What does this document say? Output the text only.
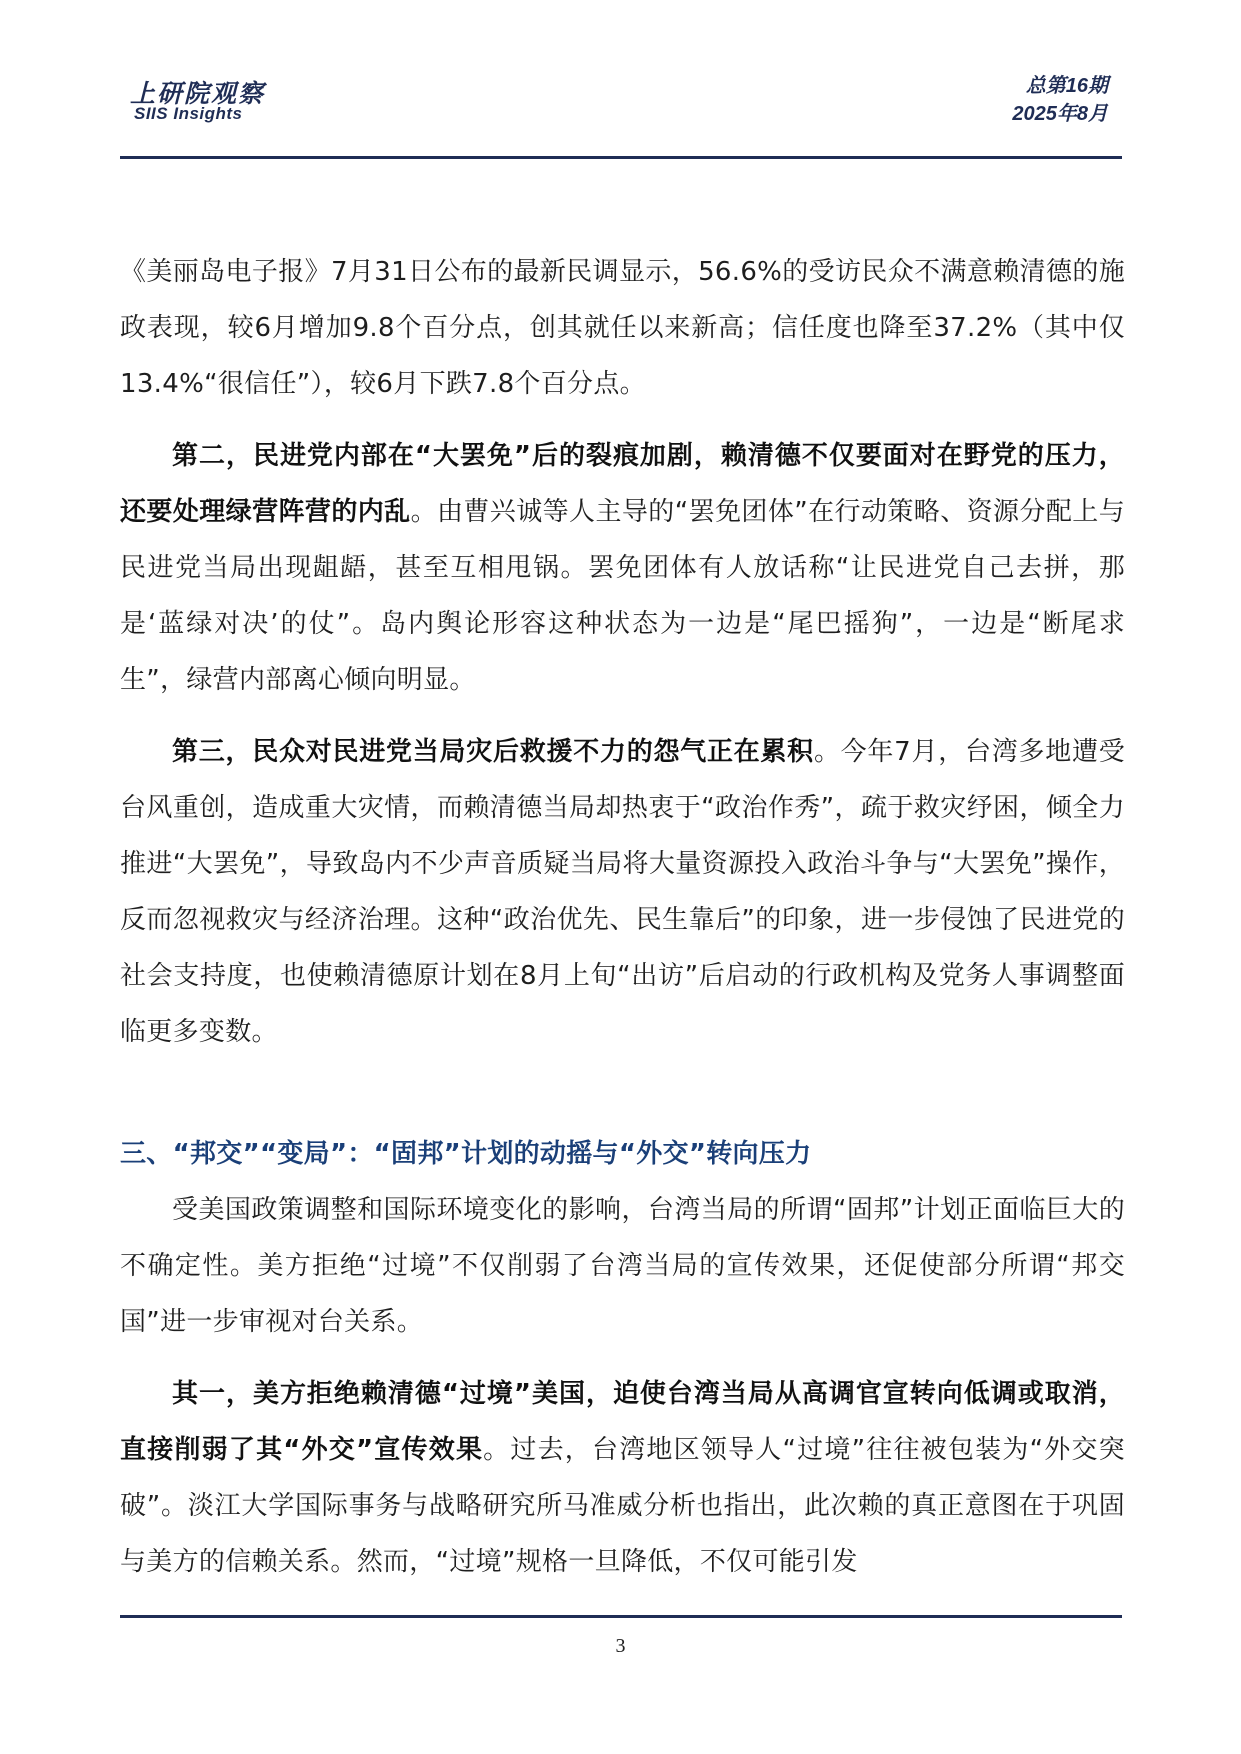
上研院观察
SIIS Insights
总第16期
2025年8月

《美丽岛电子报》7月31日公布的最新民调显示，56.6%的受访民众不满意赖清德的施政表现，较6月增加9.8个百分点，创其就任以来新高；信任度也降至37.2%（其中仅13.4%“很信任”），较6月下跌7.8个百分点。

第二，民进党内部在“大罢免”后的裂痕加剧，赖清德不仅要面对在野党的压力，还要处理绿营阵营的内乱。由曹兴诚等人主导的“罢免团体”在行动策略、资源分配上与民进党当局出现龃龉，甚至互相甩锅。罢免团体有人放话称“让民进党自己去拼，那是‘蓝绿对决’的仗”。岛内舆论形容这种状态为一边是“尾巴摇狗”，一边是“断尾求生”，绿营内部离心倾向明显。

第三，民众对民进党当局灾后救援不力的怨气正在累积。今年7月，台湾多地遭受台风重创，造成重大灾情，而赖清德当局却热衷于“政治作秀”，疏于救灾纾困，倾全力推进“大罢免”，导致岛内不少声音质疑当局将大量资源投入政治斗争与“大罢免”操作，反而忽视救灾与经济治理。这种“政治优先、民生靠后”的印象，进一步侵蚀了民进党的社会支持度，也使赖清德原计划在8月上旬“出访”后启动的行政机构及党务人事调整面临更多变数。

三、“邦交”“变局”：“固邦”计划的动摇与“外交”转向压力

受美国政策调整和国际环境变化的影响，台湾当局的所谓“固邦”计划正面临巨大的不确定性。美方拒绝“过境”不仅削弱了台湾当局的宣传效果，还促使部分所谓“邦交国”进一步审视对台关系。

其一，美方拒绝赖清德“过境”美国，迫使台湾当局从高调官宣转向低调或取消，直接削弱了其“外交”宣传效果。过去，台湾地区领导人“过境”往往被包装为“外交突破”。淡江大学国际事务与战略研究所马准威分析也指出，此次赖的真正意图在于巩固与美方的信赖关系。然而，“过境”规格一旦降低，不仅可能引发

3
